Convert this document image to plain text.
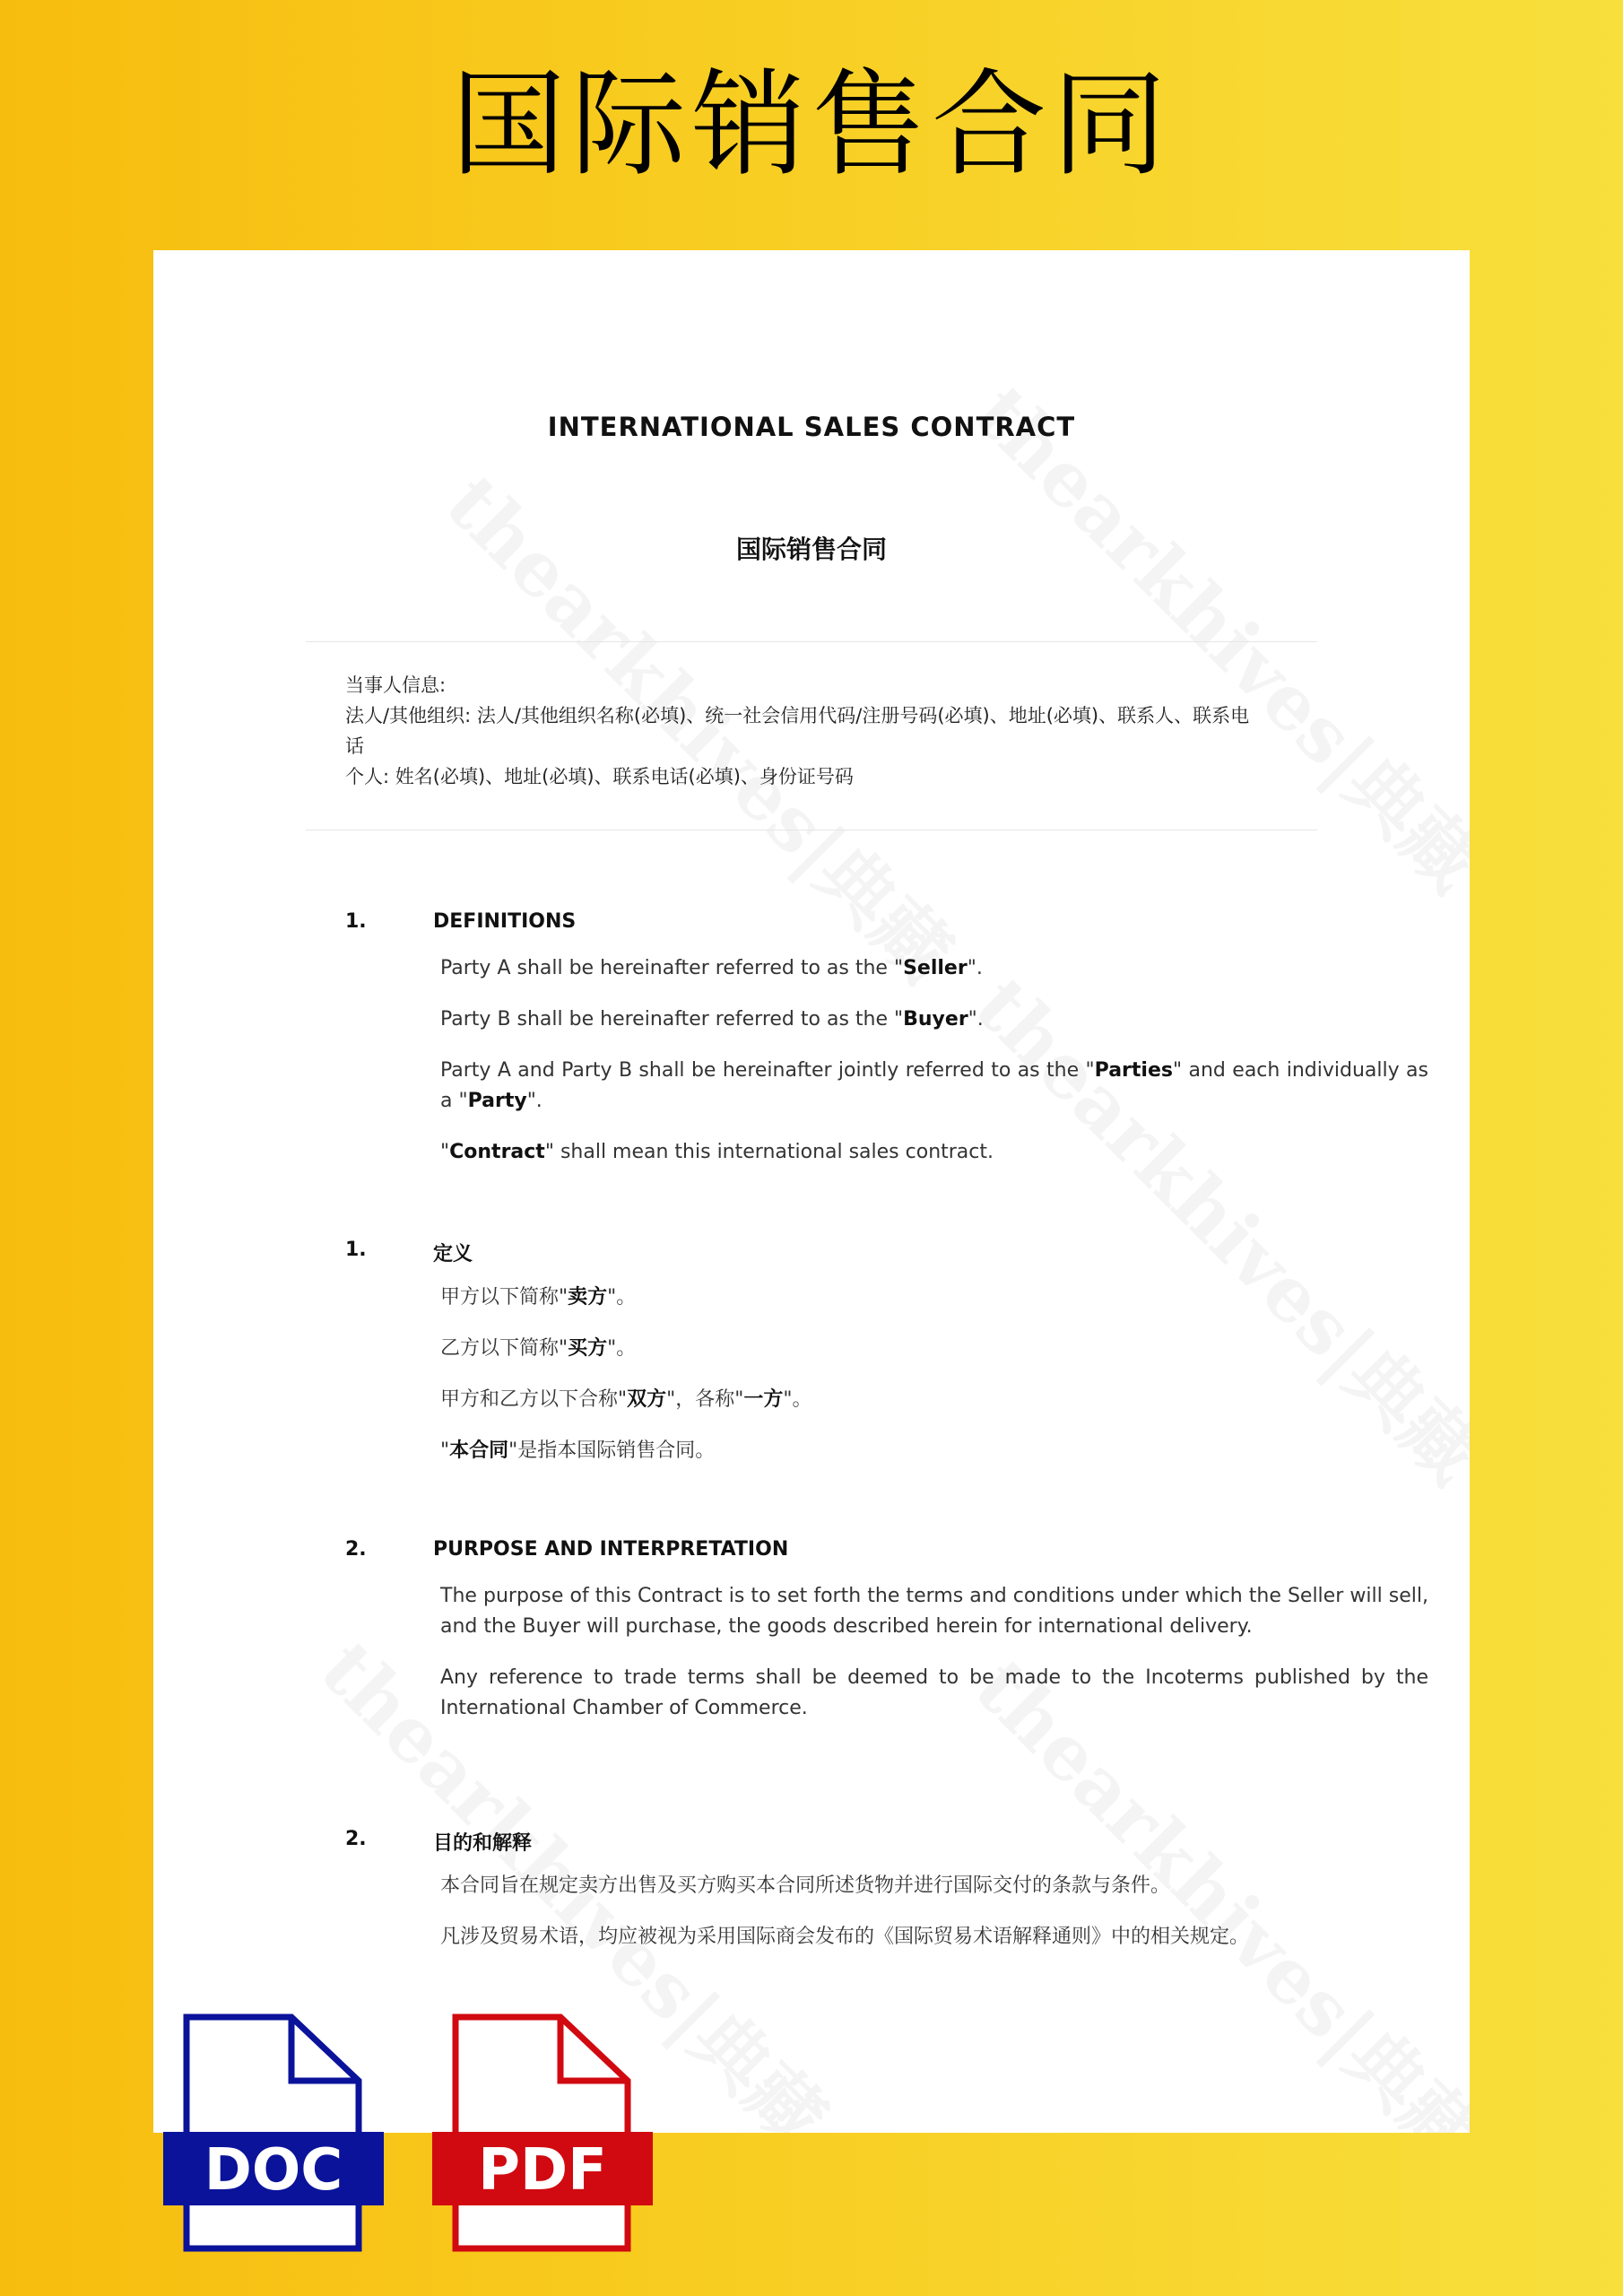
国际销售合同
INTERNATIONAL SALES CONTRACT
国际销售合同
当事人信息:
法人/其他组织: 法人/其他组织名称(必填)、统一社会信用代码/注册号码(必填)、地址(必填)、联系人、联系电话
个人: 姓名(必填)、地址(必填)、联系电话(必填)、身份证号码
1.	DEFINITIONS

Party A shall be hereinafter referred to as the "Seller".

Party B shall be hereinafter referred to as the "Buyer".

Party A and Party B shall be hereinafter jointly referred to as the "Parties" and each individually as a "Party".

"Contract" shall mean this international sales contract.

1.	定义

甲方以下简称"卖方"。

乙方以下简称"买方"。

甲方和乙方以下合称"双方"，各称"一方"。

"本合同"是指本国际销售合同。

2.	PURPOSE AND INTERPRETATION

The purpose of this Contract is to set forth the terms and conditions under which the Seller will sell, and the Buyer will purchase, the goods described herein for international delivery.

Any reference to trade terms shall be deemed to be made to the Incoterms published by the International Chamber of Commerce.

2.	目的和解释

本合同旨在规定卖方出售及买方购买本合同所述货物并进行国际交付的条款与条件。

凡涉及贸易术语，均应被视为采用国际商会发布的《国际贸易术语解释通则》中的相关规定。

DOC	PDF
